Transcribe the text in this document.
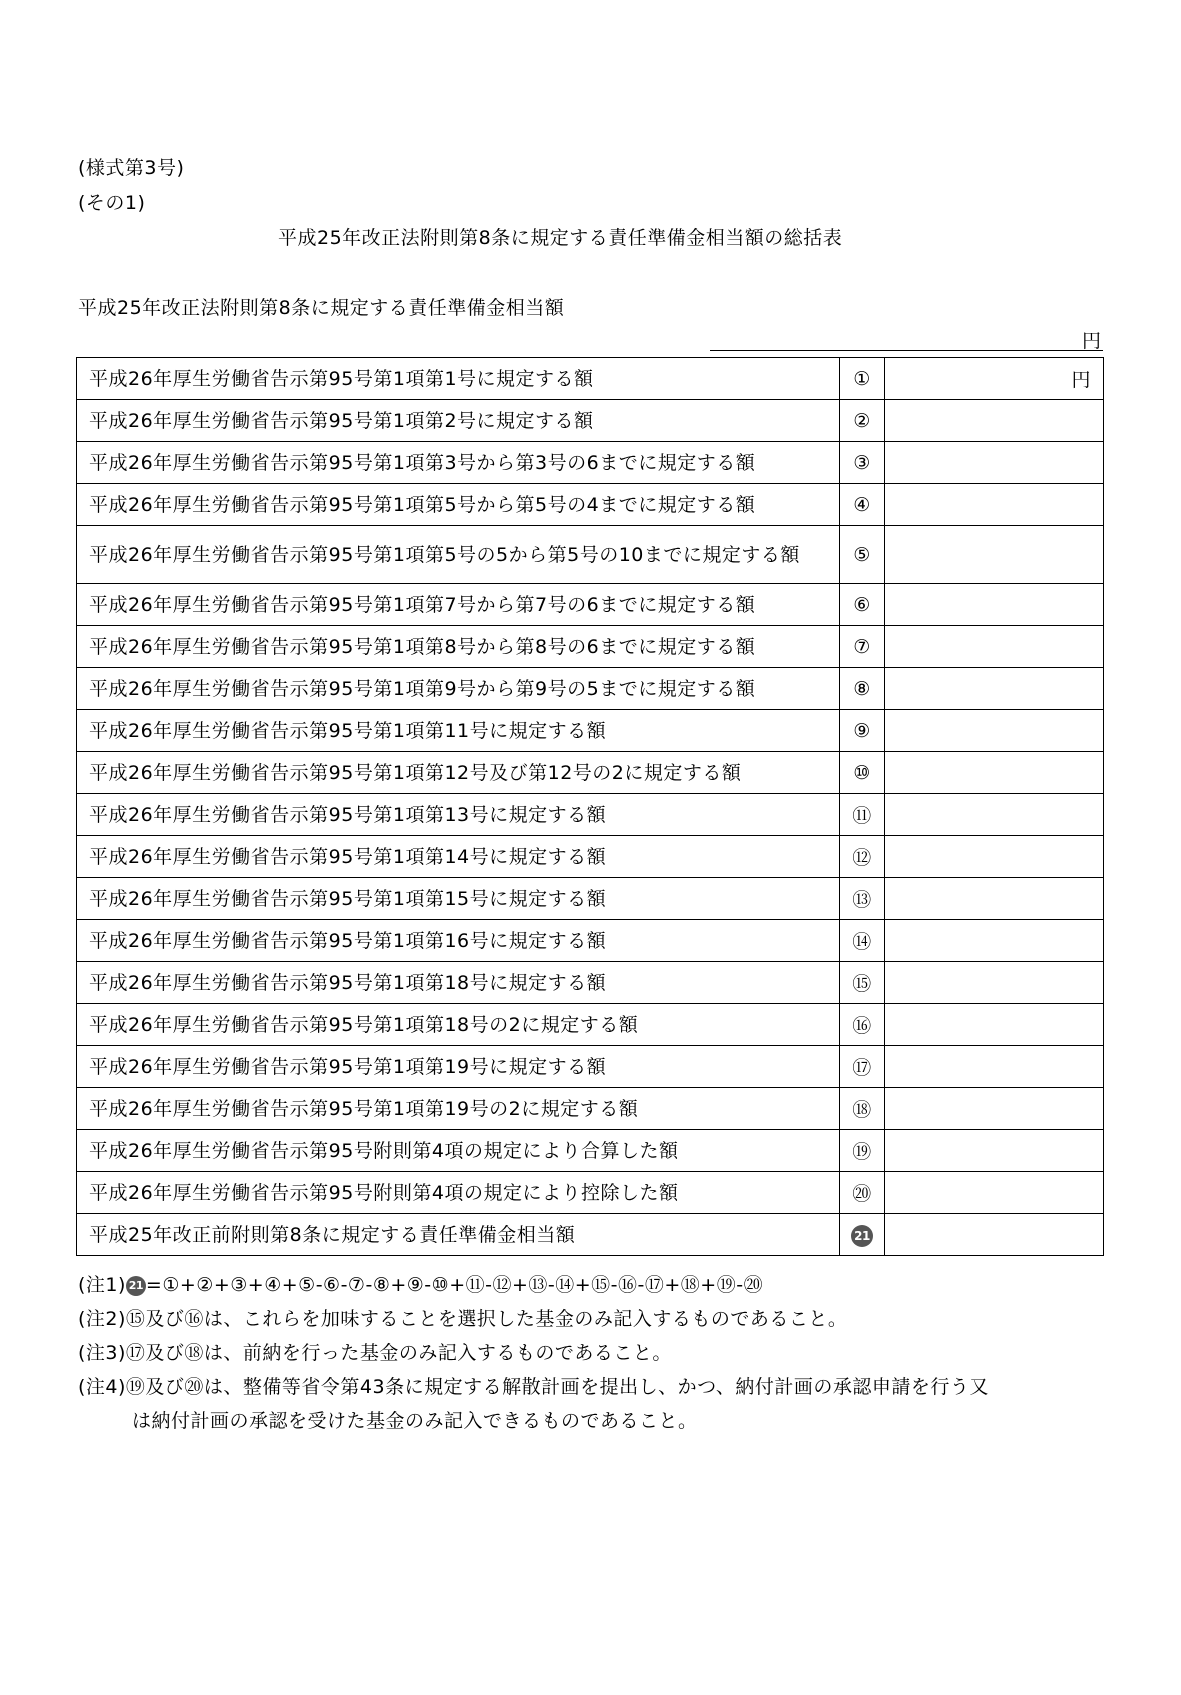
(様式第3号)
(その1)
平成25年改正法附則第8条に規定する責任準備金相当額の総括表
平成25年改正法附則第8条に規定する責任準備金相当額
円
平成26年厚生労働省告示第95号第1項第1号に規定する額	①	円
平成26年厚生労働省告示第95号第1項第2号に規定する額	②	
平成26年厚生労働省告示第95号第1項第3号から第3号の6までに規定する額	③	
平成26年厚生労働省告示第95号第1項第5号から第5号の4までに規定する額	④	
平成26年厚生労働省告示第95号第1項第5号の5から第5号の10までに規定する額	⑤	
平成26年厚生労働省告示第95号第1項第7号から第7号の6までに規定する額	⑥	
平成26年厚生労働省告示第95号第1項第8号から第8号の6までに規定する額	⑦	
平成26年厚生労働省告示第95号第1項第9号から第9号の5までに規定する額	⑧	
平成26年厚生労働省告示第95号第1項第11号に規定する額	⑨	
平成26年厚生労働省告示第95号第1項第12号及び第12号の2に規定する額	⑩	
平成26年厚生労働省告示第95号第1項第13号に規定する額	⑪	
平成26年厚生労働省告示第95号第1項第14号に規定する額	⑫	
平成26年厚生労働省告示第95号第1項第15号に規定する額	⑬	
平成26年厚生労働省告示第95号第1項第16号に規定する額	⑭	
平成26年厚生労働省告示第95号第1項第18号に規定する額	⑮	
平成26年厚生労働省告示第95号第1項第18号の2に規定する額	⑯	
平成26年厚生労働省告示第95号第1項第19号に規定する額	⑰	
平成26年厚生労働省告示第95号第1項第19号の2に規定する額	⑱	
平成26年厚生労働省告示第95号附則第4項の規定により合算した額	⑲	
平成26年厚生労働省告示第95号附則第4項の規定により控除した額	⑳	
平成25年改正前附則第8条に規定する責任準備金相当額	21	
(注1) 21 =①+②+③+④+⑤-⑥-⑦-⑧+⑨-⑩+⑪-⑫+⑬-⑭+⑮-⑯-⑰+⑱+⑲-⑳
(注2)⑮及び⑯は、これらを加味することを選択した基金のみ記入するものであること。
(注3)⑰及び⑱は、前納を行った基金のみ記入するものであること。
(注4)⑲及び⑳は、整備等省令第43条に規定する解散計画を提出し、かつ、納付計画の承認申請を行う又
は納付計画の承認を受けた基金のみ記入できるものであること。
